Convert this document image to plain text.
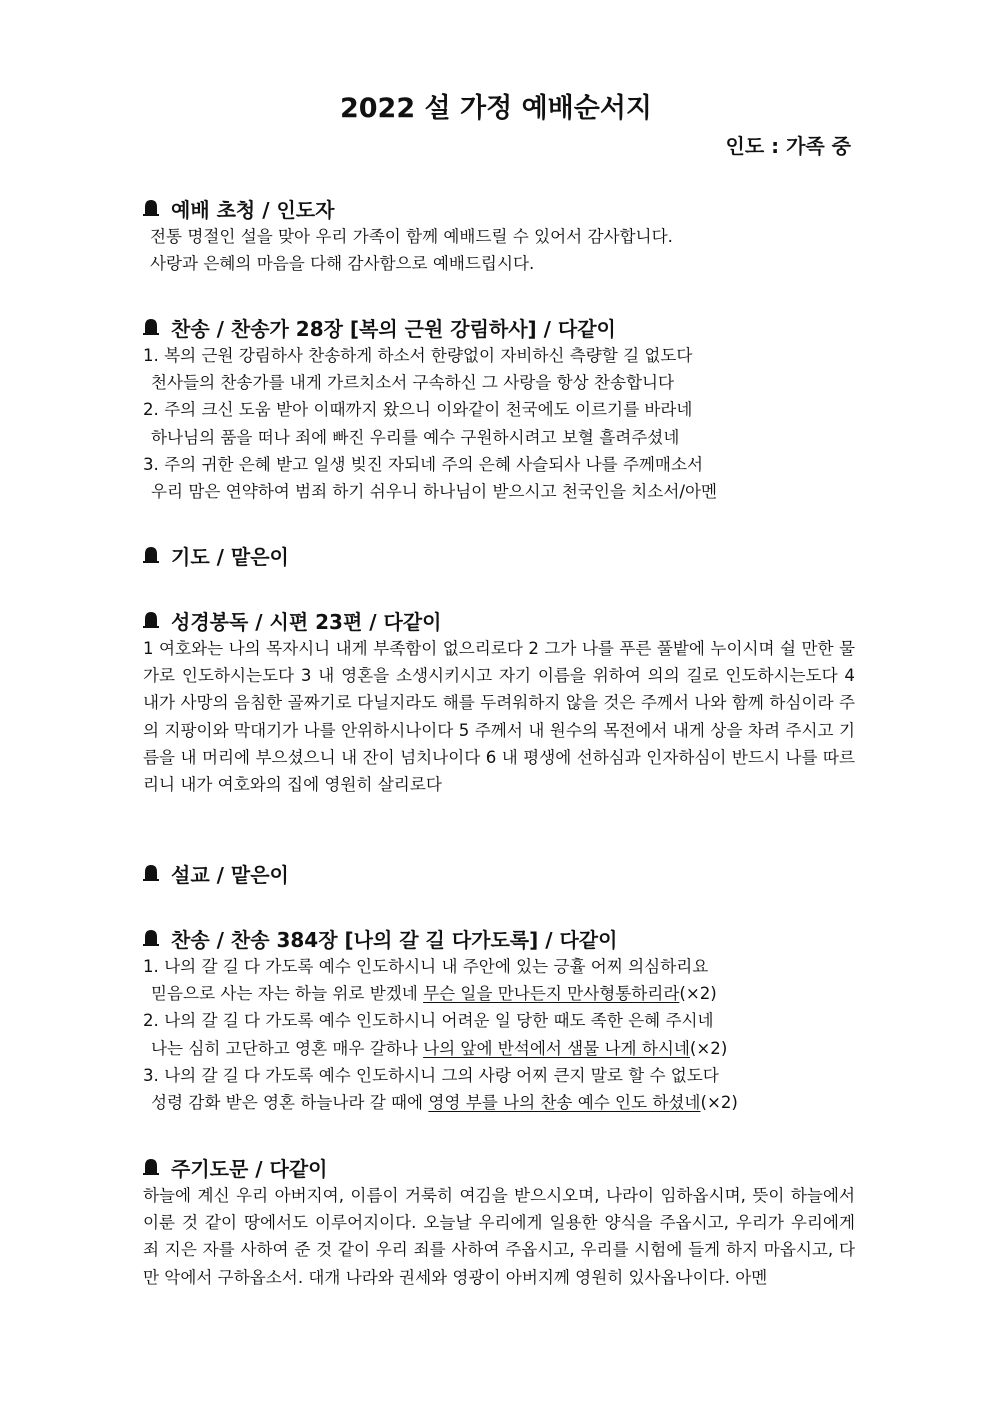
2022 설 가정 예배순서지
인도 : 가족 중
예배 초청 / 인도자
전통 명절인 설을 맞아 우리 가족이 함께 예배드릴 수 있어서 감사합니다.
사랑과 은혜의 마음을 다해 감사함으로 예배드립시다.
찬송 / 찬송가 28장 [복의 근원 강림하사] / 다같이
1. 복의 근원 강림하사 찬송하게 하소서 한량없이 자비하신 측량할 길 없도다
천사들의 찬송가를 내게 가르치소서 구속하신 그 사랑을 항상 찬송합니다
2. 주의 크신 도움 받아 이때까지 왔으니 이와같이 천국에도 이르기를 바라네
하나님의 품을 떠나 죄에 빠진 우리를 예수 구원하시려고 보혈 흘려주셨네
3. 주의 귀한 은혜 받고 일생 빚진 자되네 주의 은혜 사슬되사 나를 주께매소서
우리 맘은 연약하여 범죄 하기 쉬우니 하나님이 받으시고 천국인을 치소서/아멘
기도 / 맡은이
성경봉독 / 시편 23편 / 다같이
1 여호와는 나의 목자시니 내게 부족함이 없으리로다 2 그가 나를 푸른 풀밭에 누이시며 쉴 만한 물 가로 인도하시는도다 3 내 영혼을 소생시키시고 자기 이름을 위하여 의의 길로 인도하시는도다 4 내가 사망의 음침한 골짜기로 다닐지라도 해를 두려워하지 않을 것은 주께서 나와 함께 하심이라 주의 지팡이와 막대기가 나를 안위하시나이다 5 주께서 내 원수의 목전에서 내게 상을 차려 주시고 기름을 내 머리에 부으셨으니 내 잔이 넘치나이다 6 내 평생에 선하심과 인자하심이 반드시 나를 따르리니 내가 여호와의 집에 영원히 살리로다
설교 / 맡은이
찬송 / 찬송 384장 [나의 갈 길 다가도록] / 다같이
1. 나의 갈 길 다 가도록 예수 인도하시니 내 주안에 있는 긍휼 어찌 의심하리요
믿음으로 사는 자는 하늘 위로 받겠네 무슨 일을 만나든지 만사형통하리라(×2)
2. 나의 갈 길 다 가도록 예수 인도하시니 어려운 일 당한 때도 족한 은혜 주시네
나는 심히 고단하고 영혼 매우 갈하나 나의 앞에 반석에서 샘물 나게 하시네(×2)
3. 나의 갈 길 다 가도록 예수 인도하시니 그의 사랑 어찌 큰지 말로 할 수 없도다
성령 감화 받은 영혼 하늘나라 갈 때에 영영 부를 나의 찬송 예수 인도 하셨네(×2)
주기도문 / 다같이
하늘에 계신 우리 아버지여, 이름이 거룩히 여김을 받으시오며, 나라이 임하옵시며, 뜻이 하늘에서 이룬 것 같이 땅에서도 이루어지이다. 오늘날 우리에게 일용한 양식을 주옵시고, 우리가 우리에게 죄 지은 자를 사하여 준 것 같이 우리 죄를 사하여 주옵시고, 우리를 시험에 들게 하지 마옵시고, 다만 악에서 구하옵소서. 대개 나라와 권세와 영광이 아버지께 영원히 있사옵나이다. 아멘
